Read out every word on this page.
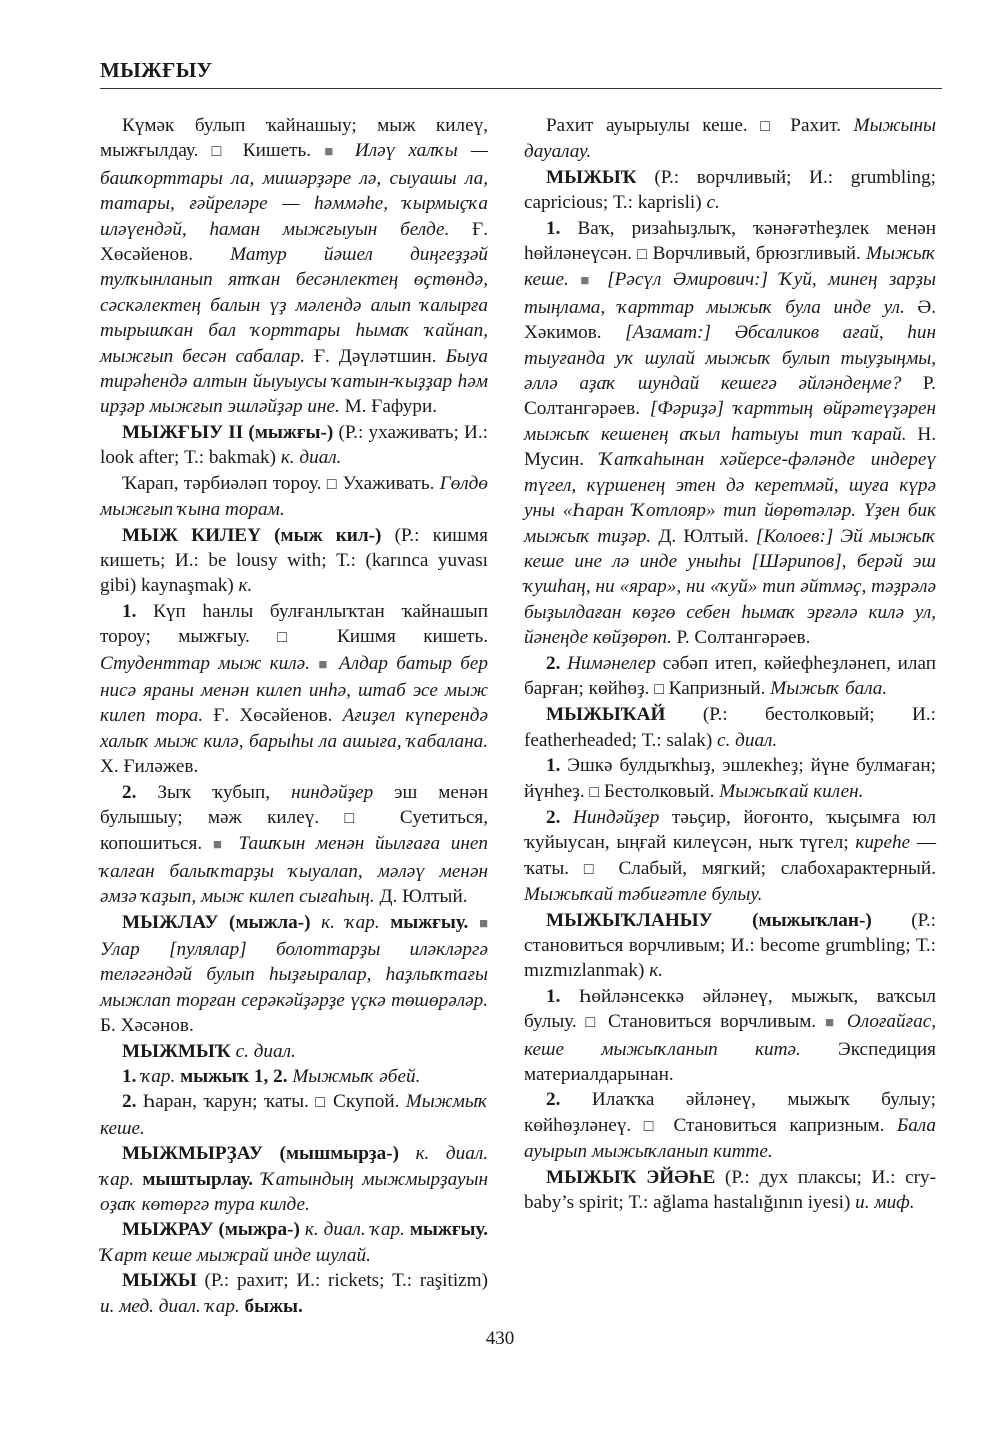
МЫЖҒЫУ

Күмәк булып ҡайнашыу; мыж килеү, мыжғылдау. □ Кишеть. ■ Иләү халҡы — башҡорттары ла, мишәрҙәре лә, сыуашы ла, татары, ғәйреләре — һәммәһе, ҡырмыҫҡа иләүендәй, һаман мыжғыуын белде. Ғ. Хөсәйенов. Матур йәшел диңгеҙҙәй тулҡынланып ятҡан бесәнлектең өҫтөндә, сәскәлектең балын үҙ мәлендә алып ҡалырға тырышҡан бал ҡорттары һымаҡ ҡайнап, мыжғып бесән сабалар. Ғ. Дәүләтшин. Быуа тирәһендә алтын йыуыусы ҡатын-ҡыҙҙар һәм ирҙәр мыжғып эшләйҙәр ине. М. Ғафури.

МЫЖҒЫУ II (мыжғы-) (Р.: ухаживать; И.: look after; Т.: bakmak) к. диал.

Ҡарап, тәрбиәләп тороу. □ Ухаживать. Гөлдө мыжғып ҡына торам.

МЫЖ КИЛЕҮ (мыж кил-) (Р.: кишмя кишеть; И.: be lousy with; Т.: (karınca yuvası gibi) kaynaşmak) к.

1. Күп һанлы булғанлыҡтан ҡайнашып тороу; мыжғыу. □ Кишмя кишеть. Студенттар мыж килә. ■ Алдар батыр бер нисә яраны менән килеп инһә, штаб эсе мыж килеп тора. Ғ. Хөсәйенов. Ағиҙел күперендә халыҡ мыж килә, барыһы ла ашыға, ҡабалана. Х. Ғиләжев.

2. Зыҡ ҡубып, ниндәйҙер эш менән булышыу; мәж килеү. □ Суетиться, копошиться. ■ Ташҡын менән йылғаға инеп ҡалған балыҡтарҙы ҡыуалап, мәләү менән әмзә ҡаҙып, мыж килеп сығаһың. Д. Юлтый.

МЫЖЛАУ (мыжла-) к. ҡар. мыжғыу. ■ Улар [пулялар] болоттарҙы иләкләргә теләгәндәй булып һыҙғыралар, һаҙлыҡтағы мыжлап торған серәкәйҙәрҙе үҫкә төшөрәләр. Б. Хәсәнов.

МЫЖМЫҠ с. диал.

1. ҡар. мыжыҡ 1, 2. Мыжмыҡ әбей.

2. Һаран, ҡарун; ҡаты. □ Скупой. Мыжмыҡ кеше.

МЫЖМЫРҘАУ (мышмырҙа-) к. диал. ҡар. мыштырлау. Ҡатындың мыжмырҙауын оҙаҡ көтөргә тура килде.

МЫЖРАУ (мыжра-) к. диал. ҡар. мыжғыу. Ҡарт кеше мыжрай инде шулай.

МЫЖЫ (Р.: рахит; И.: rickets; Т.: raşitizm) и. мед. диал. ҡар. быжы.

Рахит ауырыулы кеше. □ Рахит. Мыжыны дауалау.

МЫЖЫҠ (Р.: ворчливый; И.: grumbling; capricious; Т.: kaprisli) с.

1. Ваҡ, ризаһыҙлыҡ, ҡәнәғәтһеҙлек менән һөйләнеүсән. □ Ворчливый, брюзгливый. Мыжыҡ кеше. ■ [Рәсүл Әмирович:] Ҡуй, минең зарҙы тыңлама, ҡарттар мыжыҡ була инде ул. Ә. Хәкимов. [Азамат:] Әбсаликов ағай, һин тыуғанда уҡ шулай мыжыҡ булып тыуҙыңмы, әллә аҙаҡ шундай кешегә әйләндеңме? Р. Солтангәрәев. [Фәриҙә] ҡарттың өйрәтеүҙәрен мыжыҡ кешенең аҡыл һатыуы тип ҡарай. Н. Мусин. Ҡапҡаһынан хәйерсе-фәләнде индереү түгел, күршенең этен дә керетмәй, шуға күрә уны «Һаран Ҡотлояр» тип йөрөтәләр. Үҙен бик мыжыҡ тиҙәр. Д. Юлтый. [Колоев:] Эй мыжыҡ кеше ине лә инде уныһы [Шәрипов], берәй эш ҡушһаң, ни «ярар», ни «ҡуй» тип әйтмәҫ, тәҙрәлә быҙылдаған көҙгө себен һымаҡ эрғәлә килә ул, йәнеңде көйҙөрөп. Р. Солтангәрәев.

2. Нимәнелер сәбәп итеп, кәйефһеҙләнеп, илап барған; көйһөҙ. □ Капризный. Мыжыҡ бала.

МЫЖЫҠАЙ (Р.: бестолковый; И.: featherheaded; Т.: salak) с. диал.

1. Эшкә булдыҡһыҙ, эшлекһеҙ; йүне булмаған; йүнһеҙ. □ Бестолковый. Мыжыҡай килен.

2. Ниндәйҙер тәьҫир, йоғонто, ҡыҫымға юл ҡуйыусан, ыңғай килеүсән, ныҡ түгел; киреһе — ҡаты. □ Слабый, мягкий; слабохарактерный. Мыжыҡай тәбиғәтле булыу.

МЫЖЫҠЛАНЫУ (мыжыҡлан-) (Р.: становиться ворчливым; И.: become grumbling; Т.: mızmızlanmak) к.

1. Һөйләнсеккә әйләнеү, мыжыҡ, ваҡсыл булыу. □ Становиться ворчливым. ■ Олоғайғас, кеше мыжыҡланып китә. Экспедиция материалдарынан.

2. Илаҡҡа әйләнеү, мыжыҡ булыу; көйһөҙләнеү. □ Становиться капризным. Бала ауырып мыжыҡланып китте.

МЫЖЫҠ ЭЙӘҺЕ (Р.: дух плаксы; И.: cry-baby’s spirit; Т.: ağlama hastalığının iyesi) и. миф.

430
